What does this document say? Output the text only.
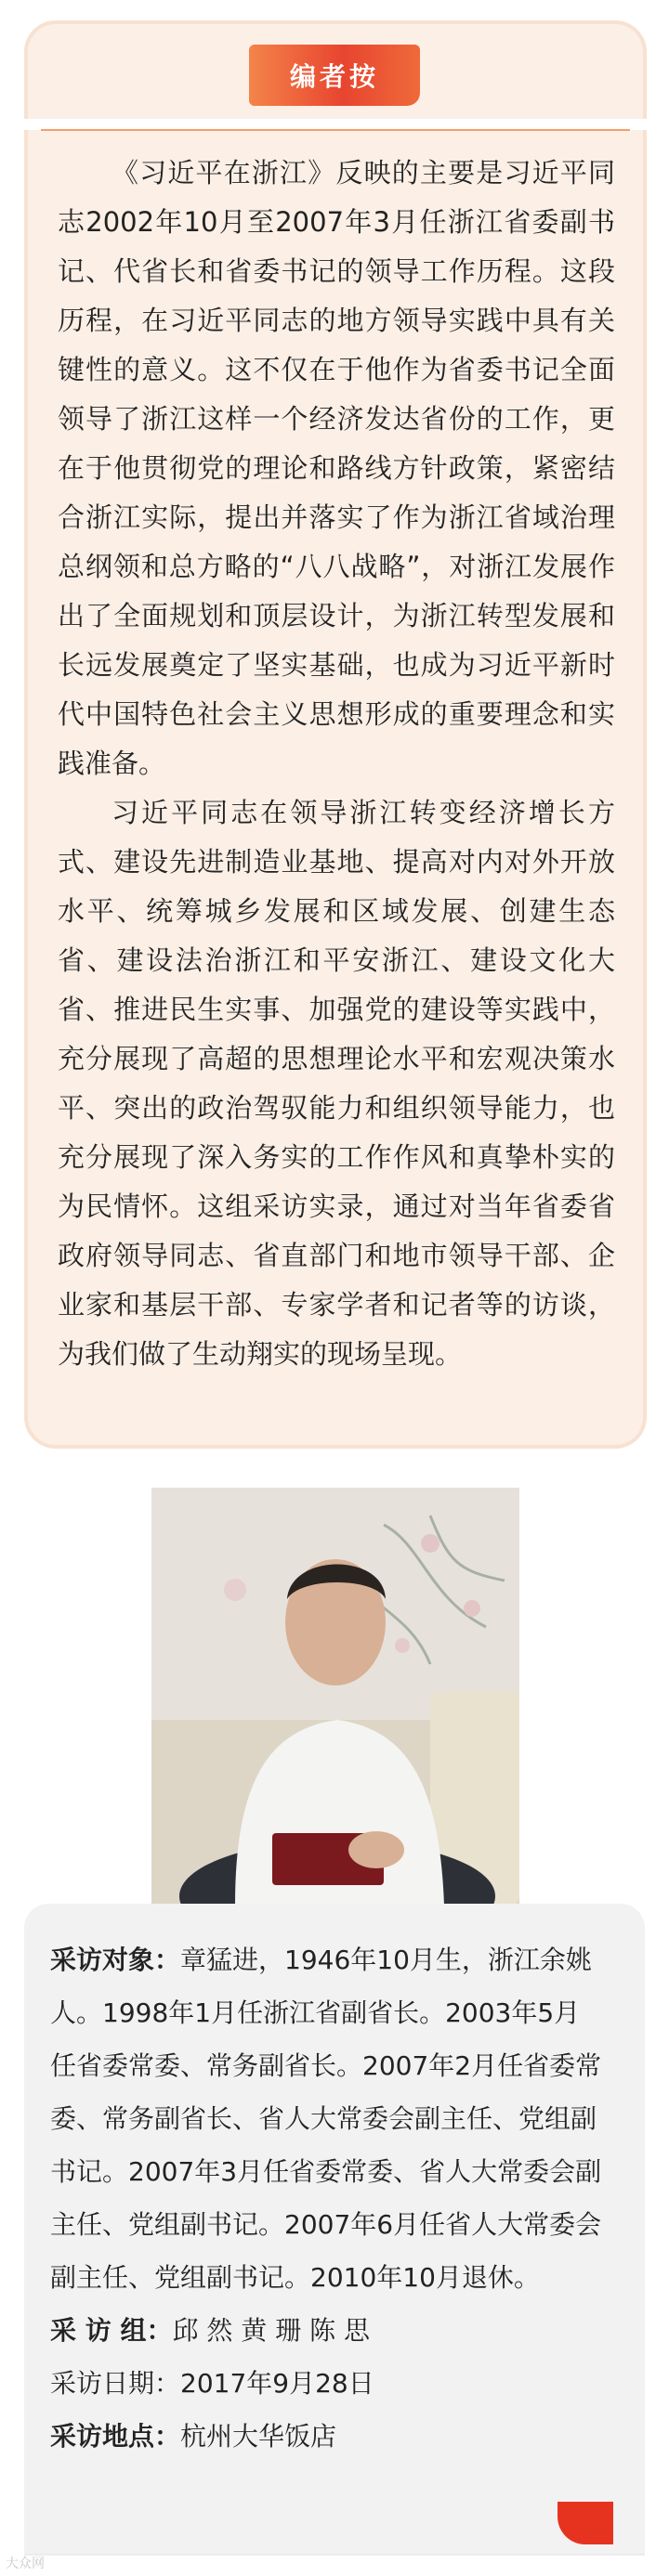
编者按

《习近平在浙江》反映的主要是习近平同志2002年10月至2007年3月任浙江省委副书记、代省长和省委书记的领导工作历程。这段历程，在习近平同志的地方领导实践中具有关键性的意义。这不仅在于他作为省委书记全面领导了浙江这样一个经济发达省份的工作，更在于他贯彻党的理论和路线方针政策，紧密结合浙江实际，提出并落实了作为浙江省域治理总纲领和总方略的“八八战略”，对浙江发展作出了全面规划和顶层设计，为浙江转型发展和长远发展奠定了坚实基础，也成为习近平新时代中国特色社会主义思想形成的重要理念和实践准备。

习近平同志在领导浙江转变经济增长方式、建设先进制造业基地、提高对内对外开放水平、统筹城乡发展和区域发展、创建生态省、建设法治浙江和平安浙江、建设文化大省、推进民生实事、加强党的建设等实践中，充分展现了高超的思想理论水平和宏观决策水平、突出的政治驾驭能力和组织领导能力，也充分展现了深入务实的工作作风和真挚朴实的为民情怀。这组采访实录，通过对当年省委省政府领导同志、省直部门和地市领导干部、企业家和基层干部、专家学者和记者等的访谈，为我们做了生动翔实的现场呈现。

采访对象：章猛进，1946年10月生，浙江余姚人。1998年1月任浙江省副省长。2003年5月任省委常委、常务副省长。2007年2月任省委常委、常务副省长、省人大常委会副主任、党组副书记。2007年3月任省委常委、省人大常委会副主任、党组副书记。2007年6月任省人大常委会副主任、党组副书记。2010年10月退休。

采 访 组：邱 然 黄 珊 陈 思

采访日期：2017年9月28日

采访地点：杭州大华饭店

大众网
